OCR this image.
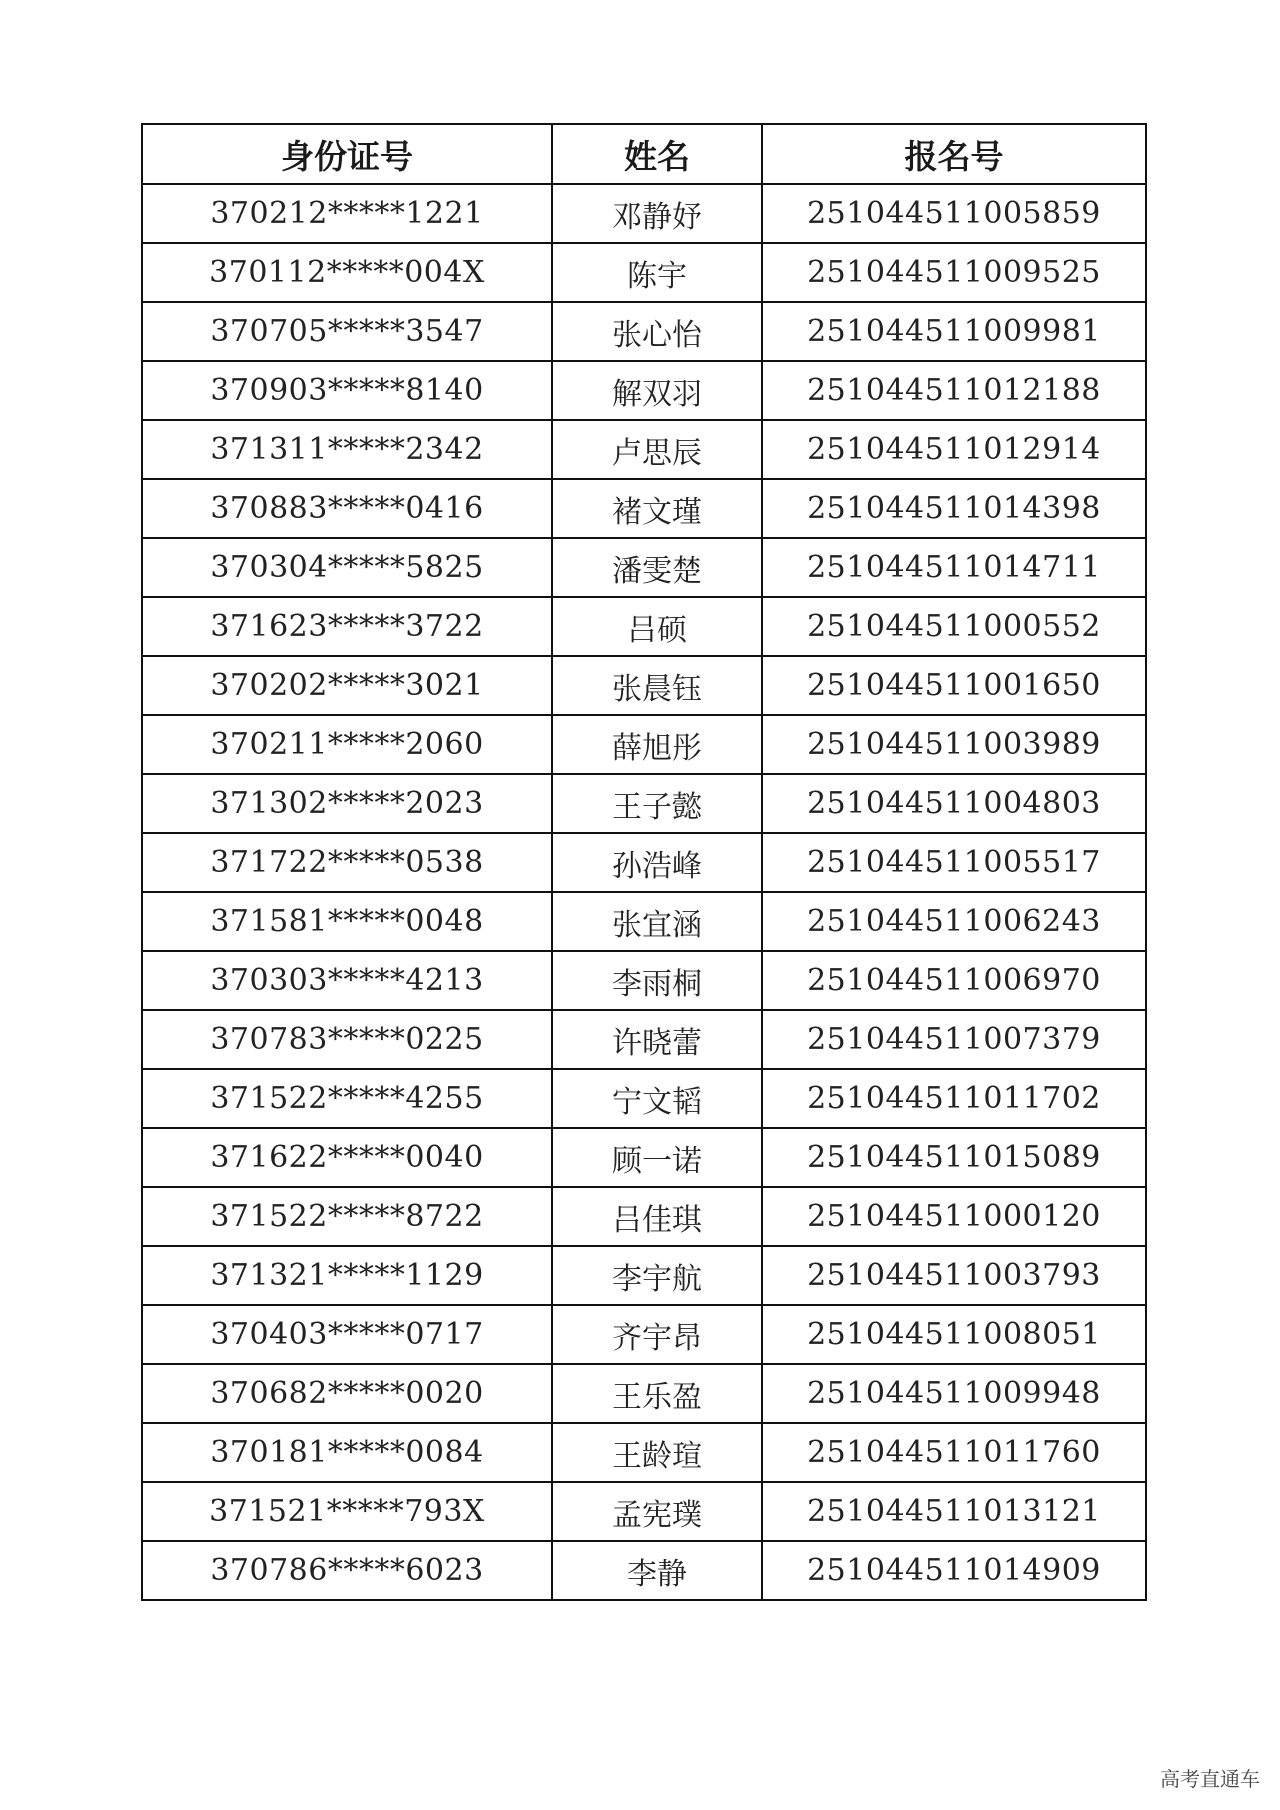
身份证号	姓名	报名号
370212*****1221	邓静妤	251044511005859
370112*****004X	陈宇	251044511009525
370705*****3547	张心怡	251044511009981
370903*****8140	解双羽	251044511012188
371311*****2342	卢思辰	251044511012914
370883*****0416	褚文瑾	251044511014398
370304*****5825	潘雯楚	251044511014711
371623*****3722	吕硕	251044511000552
370202*****3021	张晨钰	251044511001650
370211*****2060	薛旭彤	251044511003989
371302*****2023	王子懿	251044511004803
371722*****0538	孙浩峰	251044511005517
371581*****0048	张宜涵	251044511006243
370303*****4213	李雨桐	251044511006970
370783*****0225	许晓蕾	251044511007379
371522*****4255	宁文韬	251044511011702
371622*****0040	顾一诺	251044511015089
371522*****8722	吕佳琪	251044511000120
371321*****1129	李宇航	251044511003793
370403*****0717	齐宇昂	251044511008051
370682*****0020	王乐盈	251044511009948
370181*****0084	王龄瑄	251044511011760
371521*****793X	孟宪璞	251044511013121
370786*****6023	李静	251044511014909
高考直通车
